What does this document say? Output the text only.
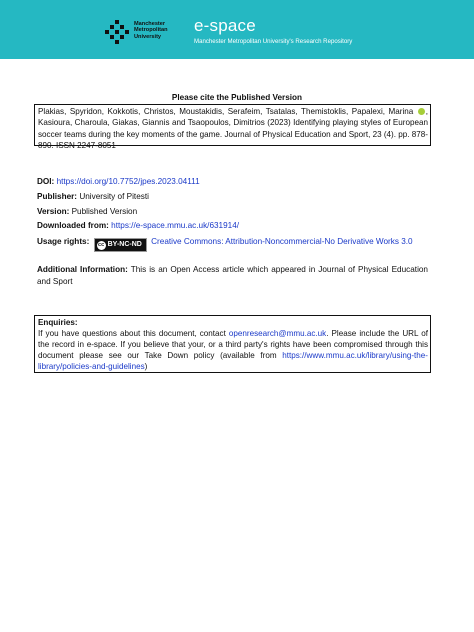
Manchester
Metropolitan
University
e-space
Manchester Metropolitan University's Research Repository
Please cite the Published Version
Plakias, Spyridon, Kokkotis, Christos, Moustakidis, Serafeim, Tsatalas, Themistoklis, Papalexi, Marina , Kasioura, Charoula, Giakas, Giannis and Tsaopoulos, Dimitrios (2023) Identifying playing styles of European soccer teams during the key moments of the game. Journal of Physical Education and Sport, 23 (4). pp. 878-890. ISSN 2247-8051
DOI: https://doi.org/10.7752/jpes.2023.04111
Publisher: University of Pitesti
Version: Published Version
Downloaded from: https://e-space.mmu.ac.uk/631914/
Usage rights: cc BY-NC-ND Creative Commons: Attribution-Noncommercial-No Derivative Works 3.0
Additional Information: This is an Open Access article which appeared in Journal of Physical Education and Sport
Enquiries:
If you have questions about this document, contact openresearch@mmu.ac.uk. Please include the URL of the record in e-space. If you believe that your, or a third party's rights have been compromised through this document please see our Take Down policy (available from https://www.mmu.ac.uk/library/using-the-library/policies-and-guidelines)
